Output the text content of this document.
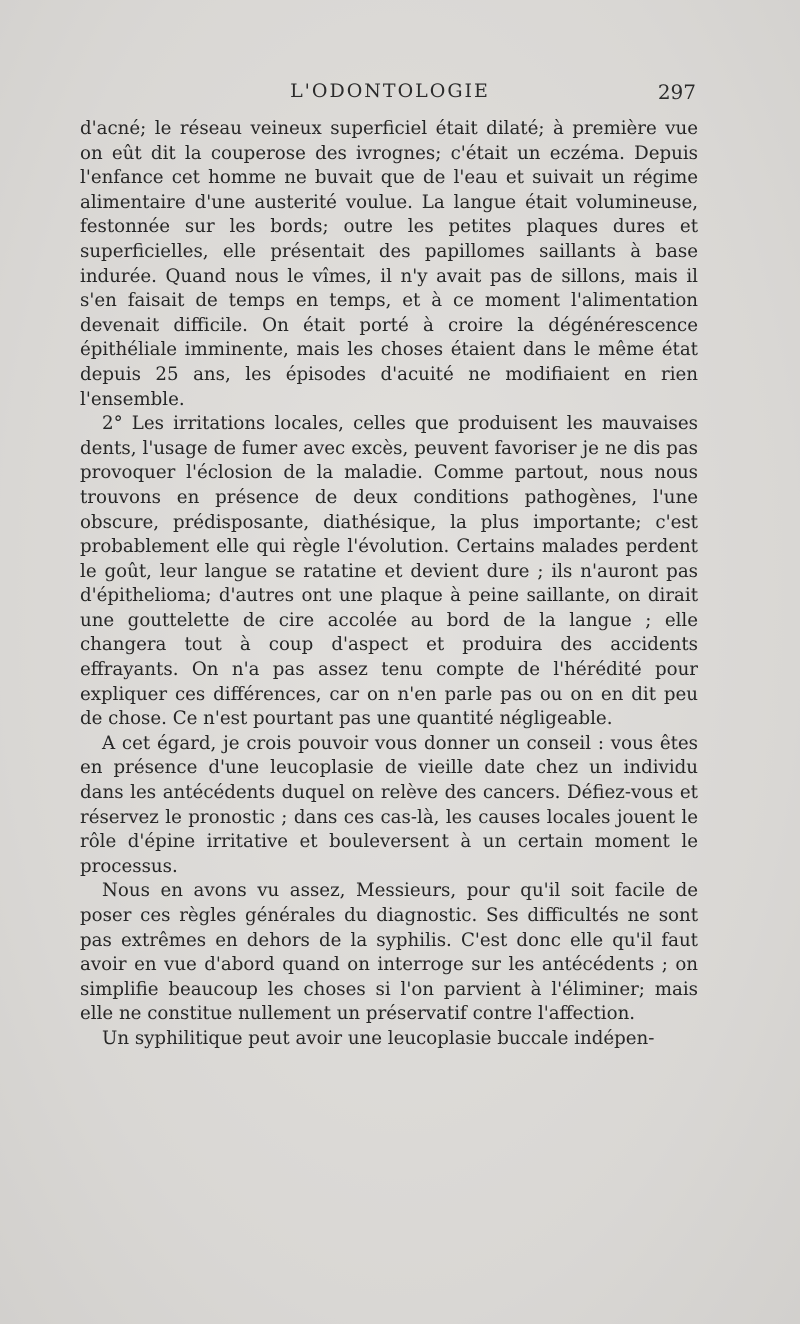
L'ODONTOLOGIE	297

d'acné; le réseau veineux superficiel était dilaté; à première vue on eût dit la couperose des ivrognes; c'était un eczéma. Depuis l'enfance cet homme ne buvait que de l'eau et suivait un régime alimentaire d'une austerité voulue. La langue était volumineuse, festonnée sur les bords; outre les petites plaques dures et superficielles, elle présentait des papillomes saillants à base indurée. Quand nous le vîmes, il n'y avait pas de sillons, mais il s'en faisait de temps en temps, et à ce moment l'alimentation devenait difficile. On était porté à croire la dégénérescence épithéliale imminente, mais les choses étaient dans le même état depuis 25 ans, les épisodes d'acuité ne modifiaient en rien l'ensemble.

2° Les irritations locales, celles que produisent les mauvaises dents, l'usage de fumer avec excès, peuvent favoriser je ne dis pas provoquer l'éclosion de la maladie. Comme partout, nous nous trouvons en présence de deux conditions pathogènes, l'une obscure, prédisposante, diathésique, la plus importante; c'est probablement elle qui règle l'évolution. Certains malades perdent le goût, leur langue se ratatine et devient dure ; ils n'auront pas d'épithelioma; d'autres ont une plaque à peine saillante, on dirait une gouttelette de cire accolée au bord de la langue ; elle changera tout à coup d'aspect et produira des accidents effrayants. On n'a pas assez tenu compte de l'hérédité pour expliquer ces différences, car on n'en parle pas ou on en dit peu de chose. Ce n'est pourtant pas une quantité négligeable.

A cet égard, je crois pouvoir vous donner un conseil : vous êtes en présence d'une leucoplasie de vieille date chez un individu dans les antécédents duquel on relève des cancers. Défiez-vous et réservez le pronostic ; dans ces cas-là, les causes locales jouent le rôle d'épine irritative et bouleversent à un certain moment le processus.

Nous en avons vu assez, Messieurs, pour qu'il soit facile de poser ces règles générales du diagnostic. Ses difficultés ne sont pas extrêmes en dehors de la syphilis. C'est donc elle qu'il faut avoir en vue d'abord quand on interroge sur les antécédents ; on simplifie beaucoup les choses si l'on parvient à l'éliminer; mais elle ne constitue nullement un préservatif contre l'affection.

Un syphilitique peut avoir une leucoplasie buccale indépen-
